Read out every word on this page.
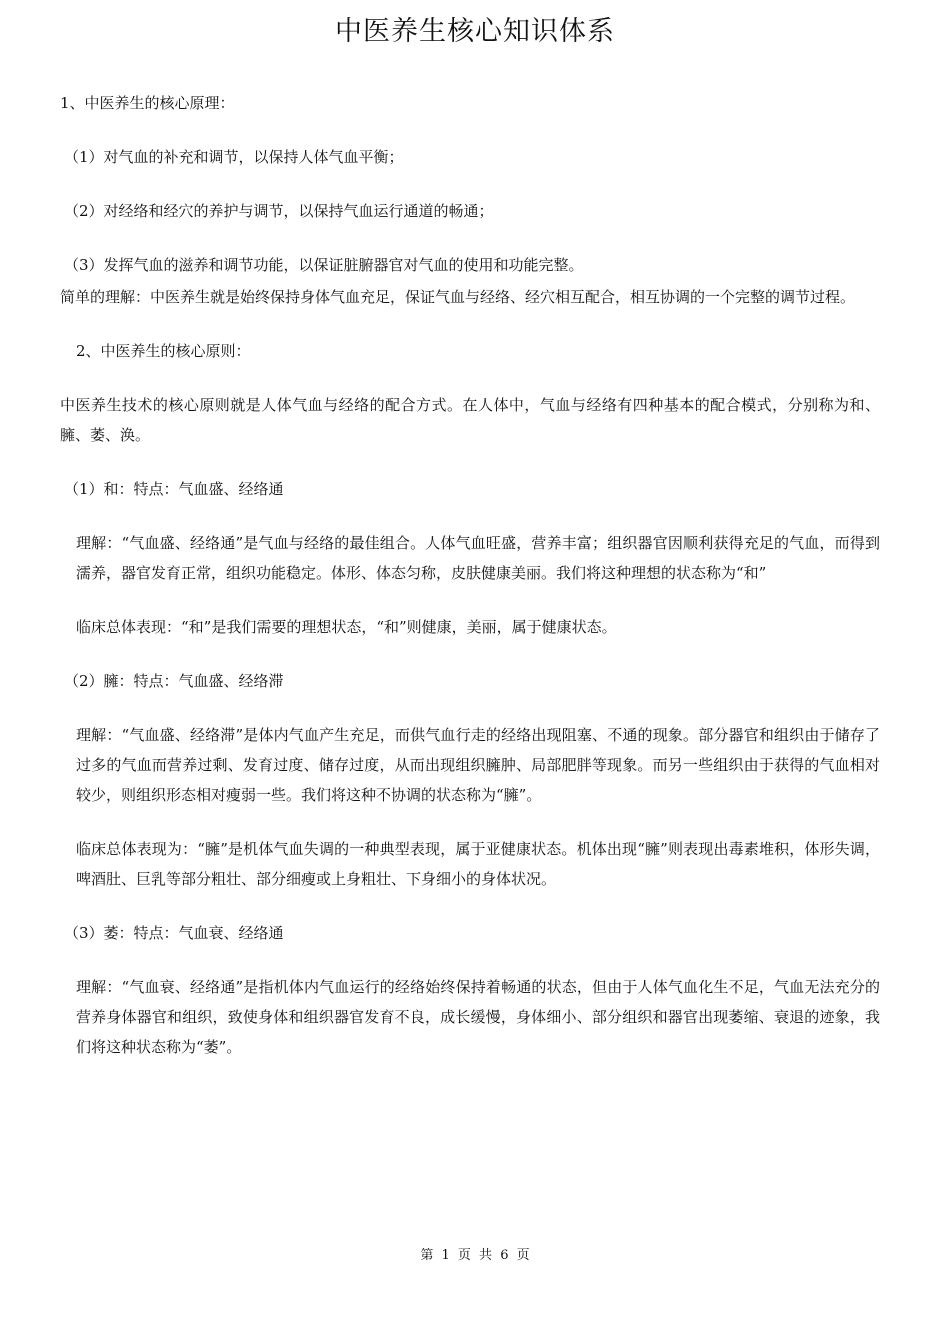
中医养生核心知识体系

1、中医养生的核心原理：

（1）对气血的补充和调节，以保持人体气血平衡；

（2）对经络和经穴的养护与调节，以保持气血运行通道的畅通；

（3）发挥气血的滋养和调节功能，以保证脏腑器官对气血的使用和功能完整。

简单的理解：中医养生就是始终保持身体气血充足，保证气血与经络、经穴相互配合，相互协调的一个完整的调节过程。

2、中医养生的核心原则：

中医养生技术的核心原则就是人体气血与经络的配合方式。在人体中，气血与经络有四种基本的配合模式，分别称为和、臃、萎、涣。

（1）和：特点：气血盛、经络通

理解：“气血盛、经络通”是气血与经络的最佳组合。人体气血旺盛，营养丰富；组织器官因顺利获得充足的气血，而得到濡养，器官发育正常，组织功能稳定。体形、体态匀称，皮肤健康美丽。我们将这种理想的状态称为“和”

临床总体表现：“和”是我们需要的理想状态，“和”则健康，美丽，属于健康状态。

（2）臃：特点：气血盛、经络滞

理解：“气血盛、经络滞”是体内气血产生充足，而供气血行走的经络出现阻塞、不通的现象。部分器官和组织由于储存了过多的气血而营养过剩、发育过度、储存过度，从而出现组织臃肿、局部肥胖等现象。而另一些组织由于获得的气血相对较少，则组织形态相对瘦弱一些。我们将这种不协调的状态称为“臃”。

临床总体表现为：“臃”是机体气血失调的一种典型表现，属于亚健康状态。机体出现“臃”则表现出毒素堆积，体形失调，啤酒肚、巨乳等部分粗壮、部分细瘦或上身粗壮、下身细小的身体状况。

（3）萎：特点：气血衰、经络通

理解：“气血衰、经络通”是指机体内气血运行的经络始终保持着畅通的状态，但由于人体气血化生不足，气血无法充分的营养身体器官和组织，致使身体和组织器官发育不良，成长缓慢，身体细小、部分组织和器官出现萎缩、衰退的迹象，我们将这种状态称为“萎”。

第 1 页 共 6 页
